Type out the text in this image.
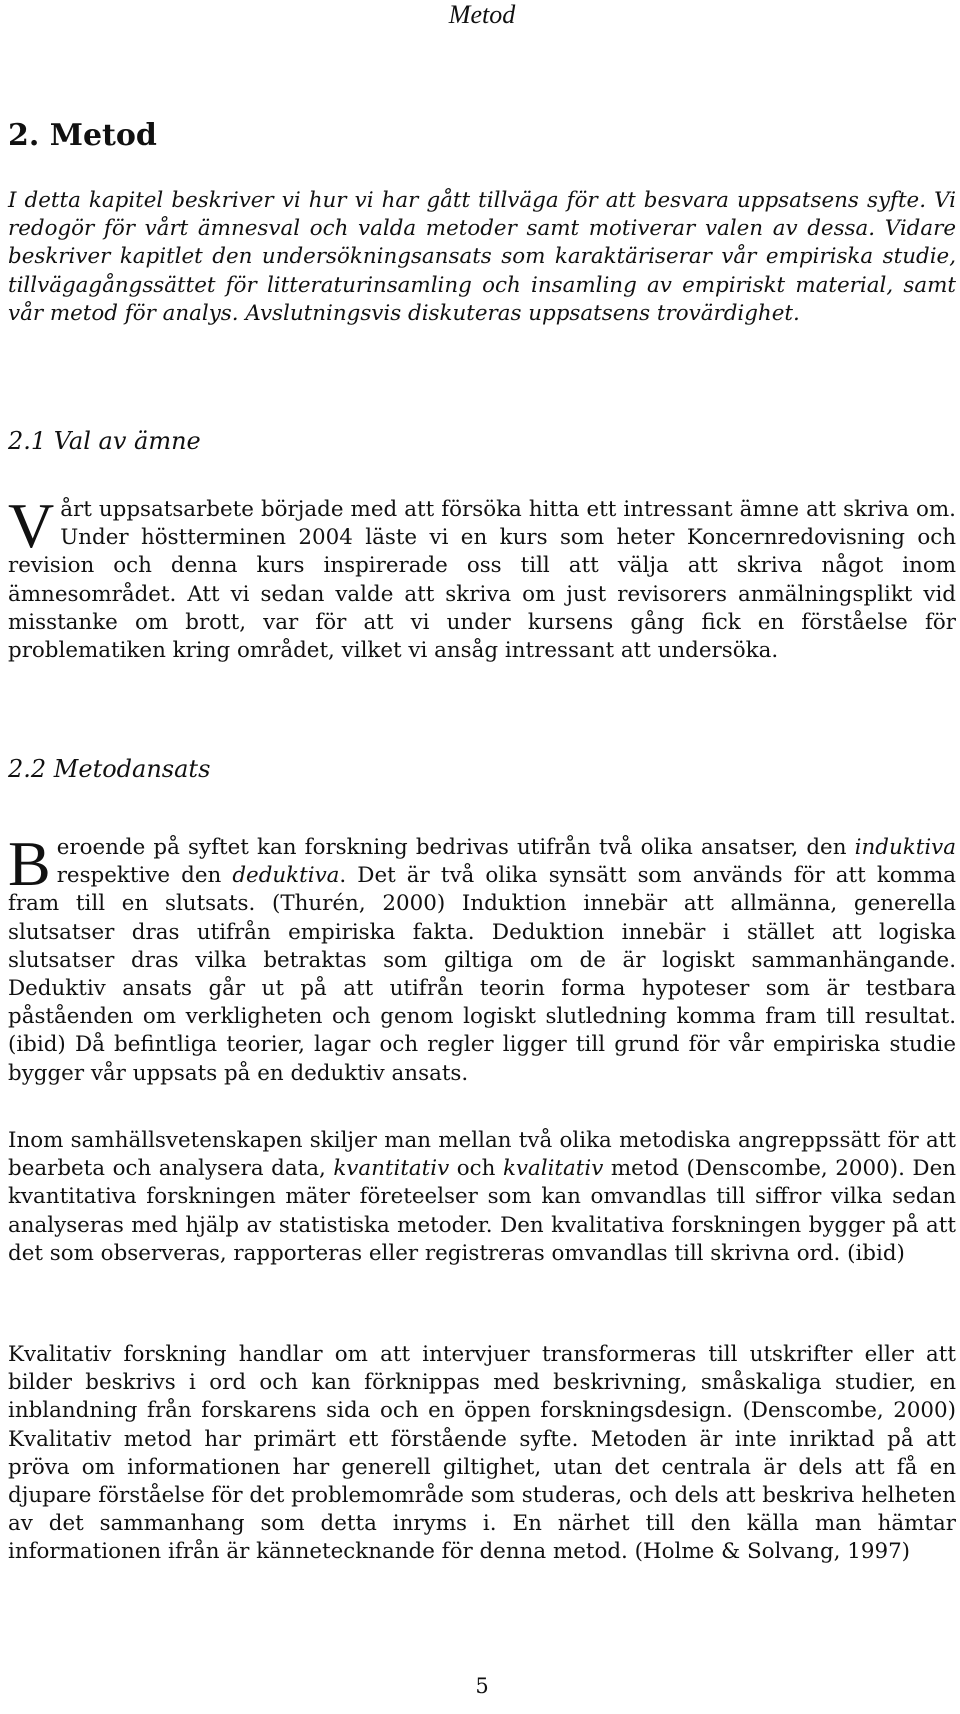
Metod
2. Metod

I detta kapitel beskriver vi hur vi har gått tillväga för att besvara uppsatsens syfte. Vi redogör för vårt ämnesval och valda metoder samt motiverar valen av dessa. Vidare beskriver kapitlet den undersökningsansats som karaktäriserar vår empiriska studie, tillvägagångssättet för litteraturinsamling och insamling av empiriskt material, samt vår metod för analys. Avslutningsvis diskuteras uppsatsens trovärdighet.

2.1 Val av ämne

Vårt uppsatsarbete började med att försöka hitta ett intressant ämne att skriva om. Under höstterminen 2004 läste vi en kurs som heter Koncernredovisning och revision och denna kurs inspirerade oss till att välja att skriva något inom ämnesområdet. Att vi sedan valde att skriva om just revisorers anmälningsplikt vid misstanke om brott, var för att vi under kursens gång fick en förståelse för problematiken kring området, vilket vi ansåg intressant att undersöka.

2.2 Metodansats

Beroende på syftet kan forskning bedrivas utifrån två olika ansatser, den induktiva respektive den deduktiva. Det är två olika synsätt som används för att komma fram till en slutsats. (Thurén, 2000) Induktion innebär att allmänna, generella slutsatser dras utifrån empiriska fakta. Deduktion innebär i stället att logiska slutsatser dras vilka betraktas som giltiga om de är logiskt sammanhängande. Deduktiv ansats går ut på att utifrån teorin forma hypoteser som är testbara påståenden om verkligheten och genom logiskt slutledning komma fram till resultat. (ibid) Då befintliga teorier, lagar och regler ligger till grund för vår empiriska studie bygger vår uppsats på en deduktiv ansats.

Inom samhällsvetenskapen skiljer man mellan två olika metodiska angreppssätt för att bearbeta och analysera data, kvantitativ och kvalitativ metod (Denscombe, 2000). Den kvantitativa forskningen mäter företeelser som kan omvandlas till siffror vilka sedan analyseras med hjälp av statistiska metoder. Den kvalitativa forskningen bygger på att det som observeras, rapporteras eller registreras omvandlas till skrivna ord. (ibid)

Kvalitativ forskning handlar om att intervjuer transformeras till utskrifter eller att bilder beskrivs i ord och kan förknippas med beskrivning, småskaliga studier, en inblandning från forskarens sida och en öppen forskningsdesign. (Denscombe, 2000) Kvalitativ metod har primärt ett förstående syfte. Metoden är inte inriktad på att pröva om informationen har generell giltighet, utan det centrala är dels att få en djupare förståelse för det problemområde som studeras, och dels att beskriva helheten av det sammanhang som detta inryms i. En närhet till den källa man hämtar informationen ifrån är kännetecknande för denna metod. (Holme & Solvang, 1997)

5
